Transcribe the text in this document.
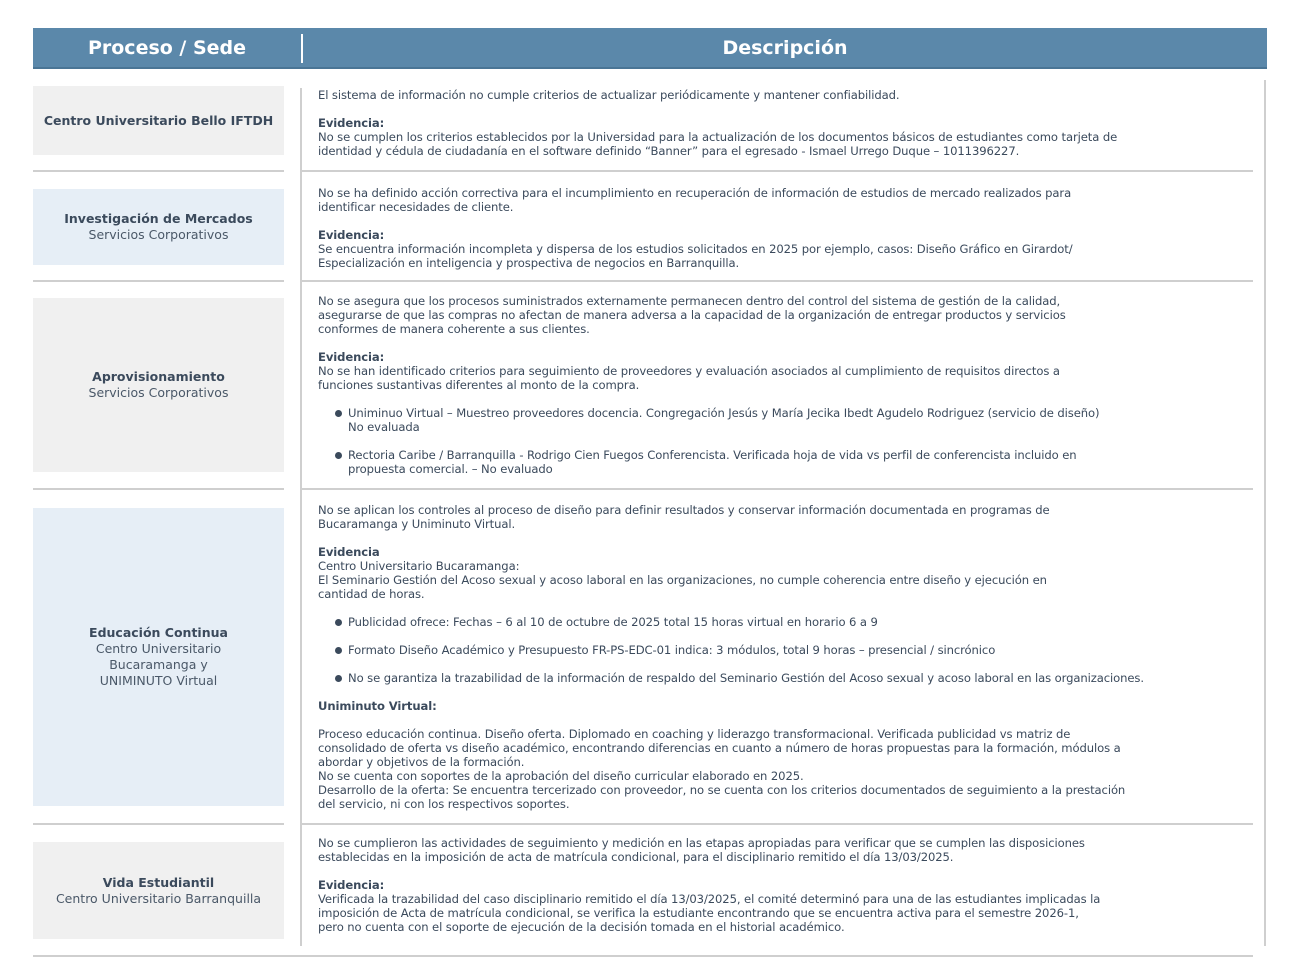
Proceso / Sede	Descripción
Centro Universitario Bello IFTDH

El sistema de información no cumple criterios de actualizar periódicamente y mantener confiabilidad.

Evidencia:

No se cumplen los criterios establecidos por la Universidad para la actualización de los documentos básicos de estudiantes como tarjeta de

identidad y cédula de ciudadanía en el software definido “Banner” para el egresado - Ismael Urrego Duque – 1011396227.

Investigación de Mercados
Servicios Corporativos

No se ha definido acción correctiva para el incumplimiento en recuperación de información de estudios de mercado realizados para

identificar necesidades de cliente.

Evidencia:

Se encuentra información incompleta y dispersa de los estudios solicitados en 2025 por ejemplo, casos: Diseño Gráfico en Girardot/

Especialización en inteligencia y prospectiva de negocios en Barranquilla.

Aprovisionamiento
Servicios Corporativos

No se asegura que los procesos suministrados externamente permanecen dentro del control del sistema de gestión de la calidad,

asegurarse de que las compras no afectan de manera adversa a la capacidad de la organización de entregar productos y servicios

conformes de manera coherente a sus clientes.

Evidencia:

No se han identificado criterios para seguimiento de proveedores y evaluación asociados al cumplimiento de requisitos directos a

funciones sustantivas diferentes al monto de la compra.

Uniminuo Virtual – Muestreo proveedores docencia. Congregación Jesús y María Jecika Ibedt Agudelo Rodriguez (servicio de diseño)

No evaluada

Rectoria Caribe / Barranquilla - Rodrigo Cien Fuegos Conferencista. Verificada hoja de vida vs perfil de conferencista incluido en

propuesta comercial. – No evaluado

Educación Continua
Centro Universitario
Bucaramanga y
UNIMINUTO Virtual

No se aplican los controles al proceso de diseño para definir resultados y conservar información documentada en programas de

Bucaramanga y Uniminuto Virtual.

Evidencia

Centro Universitario Bucaramanga:

El Seminario Gestión del Acoso sexual y acoso laboral en las organizaciones, no cumple coherencia entre diseño y ejecución en

cantidad de horas.

Publicidad ofrece: Fechas – 6 al 10 de octubre de 2025 total 15 horas virtual en horario 6 a 9

Formato Diseño Académico y Presupuesto FR-PS-EDC-01 indica: 3 módulos, total 9 horas – presencial / sincrónico

No se garantiza la trazabilidad de la información de respaldo del Seminario Gestión del Acoso sexual y acoso laboral en las organizaciones.

Uniminuto Virtual:

Proceso educación continua. Diseño oferta. Diplomado en coaching y liderazgo transformacional. Verificada publicidad vs matriz de

consolidado de oferta vs diseño académico, encontrando diferencias en cuanto a número de horas propuestas para la formación, módulos a

abordar y objetivos de la formación.

No se cuenta con soportes de la aprobación del diseño curricular elaborado en 2025.

Desarrollo de la oferta: Se encuentra tercerizado con proveedor, no se cuenta con los criterios documentados de seguimiento a la prestación

del servicio, ni con los respectivos soportes.

Vida Estudiantil
Centro Universitario Barranquilla

No se cumplieron las actividades de seguimiento y medición en las etapas apropiadas para verificar que se cumplen las disposiciones

establecidas en la imposición de acta de matrícula condicional, para el disciplinario remitido el día 13/03/2025.

Evidencia:

Verificada la trazabilidad del caso disciplinario remitido el día 13/03/2025, el comité determinó para una de las estudiantes implicadas la

imposición de Acta de matrícula condicional, se verifica la estudiante encontrando que se encuentra activa para el semestre 2026-1,

pero no cuenta con el soporte de ejecución de la decisión tomada en el historial académico.
